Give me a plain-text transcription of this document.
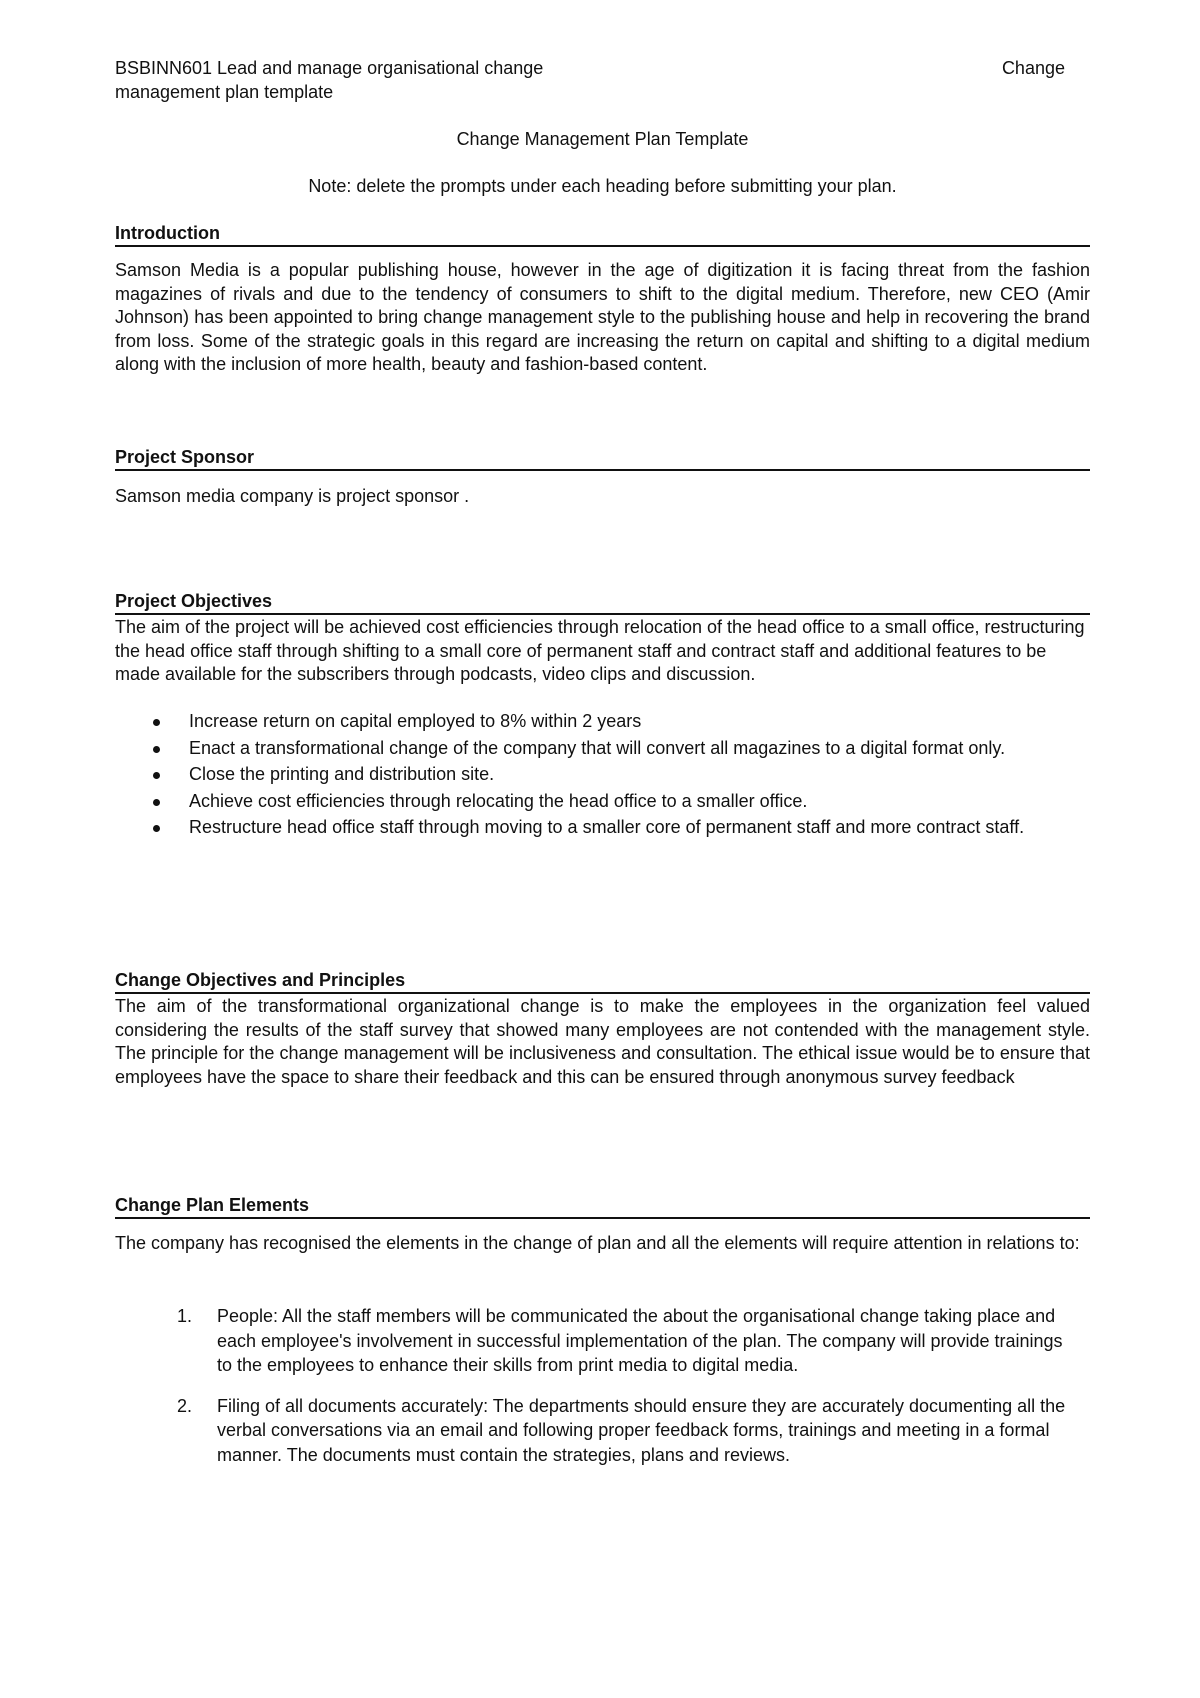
BSBINN601 Lead and manage organisational change	Change
management plan template
Change Management Plan Template
Note: delete the prompts under each heading before submitting your plan.
Introduction

Samson Media is a popular publishing house, however in the age of digitization it is facing threat from the fashion magazines of rivals and due to the tendency of consumers to shift to the digital medium. Therefore, new CEO (Amir Johnson) has been appointed to bring change management style to the publishing house and help in recovering the brand from loss. Some of the strategic goals in this regard are increasing the return on capital and shifting to a digital medium along with the inclusion of more health, beauty and fashion-based content.

Project Sponsor

Samson media company is project sponsor .

Project Objectives

The aim of the project will be achieved cost efficiencies through relocation of the head office to a small office, restructuring the head office staff through shifting to a small core of permanent staff and contract staff and additional features to be made available for the subscribers through podcasts, video clips and discussion.

Increase return on capital employed to 8% within 2 years
Enact a transformational change of the company that will convert all magazines to a digital format only.
Close the printing and distribution site.
Achieve cost efficiencies through relocating the head office to a smaller office.
Restructure head office staff through moving to a smaller core of permanent staff and more contract staff.
Change Objectives and Principles

The aim of the transformational organizational change is to make the employees in the organization feel valued considering the results of the staff survey that showed many employees are not contended with the management style. The principle for the change management will be inclusiveness and consultation. The ethical issue would be to ensure that employees have the space to share their feedback and this can be ensured through anonymous survey feedback

Change Plan Elements

The company has recognised the elements in the change of plan and all the elements will require attention in relations to:

1. People: All the staff members will be communicated the about the organisational change taking place and each employee's involvement in successful implementation of the plan. The company will provide trainings to the employees to enhance their skills from print media to digital media.
2. Filing of all documents accurately: The departments should ensure they are accurately documenting all the verbal conversations via an email and following proper feedback forms, trainings and meeting in a formal manner. The documents must contain the strategies, plans and reviews.
